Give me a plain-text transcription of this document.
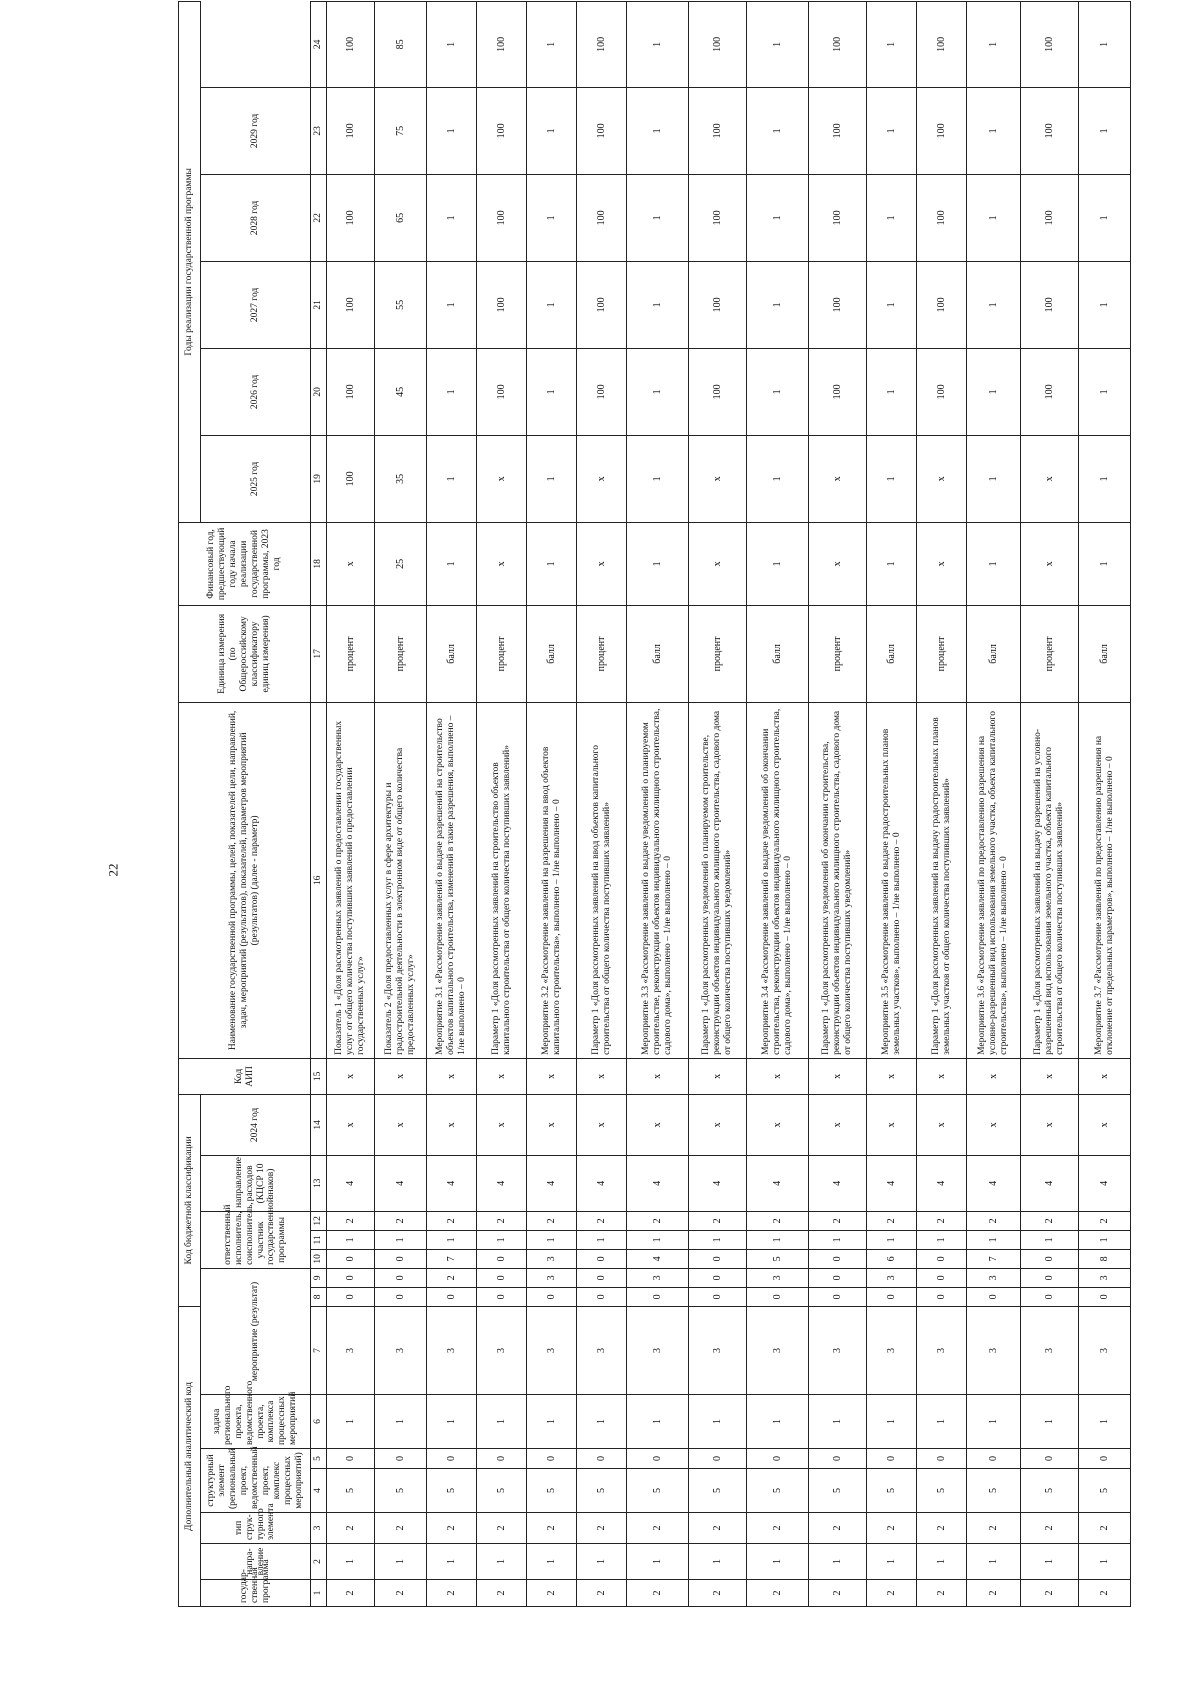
22
Дополнительный аналитический код							Код бюджетной классификации							Код АИП	Наименование государственной программы, целей, показателей цели, направлений, задач, мероприятий (результатов), показателей, параметров мероприятий (результатов) (далее - параметр)	Единица измерения (по Общероссийскому классификатору единиц измерения)	Финансовый год, предшествующий году начала реализации государственной программы, 2023 год	Годы реализации государственной программы					
государ-ственная программа	напра-вление	тип струк-турного элемента	структурный элемент (региональный проект, ведомственный проект, комплекс процессных мероприятий)		задача регионального проекта, ведомственного проекта, комплекса процессных мероприятий	мероприятие (результат)			ответственный исполнитель, соисполнитель, участник государственной программы			направление расходов (КЦСР 10 знаков)	2024 год					2025 год	2026 год	2027 год	2028 год	2029 год	

1	2	3	4	5	6	7	8	9	10	11	12	13	14	15	16	17	18	19	20	21	22	23	24
2	1	2	5	0	1	3	0	0	0	1	2	4	x	x	Показатель 1 «Доля рассмотренных заявлений о предоставлении государственных услуг от общего количества поступивших заявлений о предоставлении государственных услуг»	процент	x	100	100	100	100	100	100
2	1	2	5	0	1	3	0	0	0	1	2	4	x	x	Показатель 2 «Доля предоставленных услуг в сфере архитектуры и градостроительной деятельности в электронном виде от общего количества предоставленных услуг»	процент	25	35	45	55	65	75	85
2	1	2	5	0	1	3	0	2	7	1	2	4	x	x	Мероприятие 3.1 «Рассмотрение заявлений о выдаче разрешений на строительство объектов капитального строительства, изменений в такие разрешения, выполнено – 1/не выполнено – 0	балл	1	1	1	1	1	1	1
2	1	2	5	0	1	3	0	0	0	1	2	4	x	x	Параметр 1 «Доля рассмотренных заявлений на строительство объектов капитального строительства от общего количества поступивших заявлений»	процент	x	x	100	100	100	100	100
2	1	2	5	0	1	3	0	3	3	1	2	4	x	x	Мероприятие 3.2 «Рассмотрение заявлений на разрешения на ввод объектов капитального строительства», выполнено – 1/не выполнено – 0	балл	1	1	1	1	1	1	1
2	1	2	5	0	1	3	0	0	0	1	2	4	x	x	Параметр 1 «Доля рассмотренных заявлений на ввод объектов капитального строительства от общего количества поступивших заявлений»	процент	x	x	100	100	100	100	100
2	1	2	5	0	1	3	0	3	4	1	2	4	x	x	Мероприятие 3.3 «Рассмотрение заявлений о выдаче уведомлений о планируемом строительстве, реконструкции объектов индивидуального жилищного строительства, садового дома», выполнено – 1/не выполнено – 0	балл	1	1	1	1	1	1	1
2	1	2	5	0	1	3	0	0	0	1	2	4	x	x	Параметр 1 «Доля рассмотренных уведомлений о планируемом строительстве, реконструкции объектов индивидуального жилищного строительства, садового дома от общего количества поступивших уведомлений»	процент	x	x	100	100	100	100	100
2	1	2	5	0	1	3	0	3	5	1	2	4	x	x	Мероприятие 3.4 «Рассмотрение заявлений о выдаче уведомлений об окончании строительства, реконструкции объектов индивидуального жилищного строительства, садового дома», выполнено – 1/не выполнено – 0	балл	1	1	1	1	1	1	1
2	1	2	5	0	1	3	0	0	0	1	2	4	x	x	Параметр 1 «Доля рассмотренных уведомлений об окончании строительства, реконструкции объектов индивидуального жилищного строительства, садового дома от общего количества поступивших уведомлений»	процент	x	x	100	100	100	100	100
2	1	2	5	0	1	3	0	3	6	1	2	4	x	x	Мероприятие 3.5 «Рассмотрение заявлений о выдаче градостроительных планов земельных участков», выполнено – 1/не выполнено – 0	балл	1	1	1	1	1	1	1
2	1	2	5	0	1	3	0	0	0	1	2	4	x	x	Параметр 1 «Доля рассмотренных заявлений на выдачу градостроительных планов земельных участков от общего количества поступивших заявлений»	процент	x	x	100	100	100	100	100
2	1	2	5	0	1	3	0	3	7	1	2	4	x	x	Мероприятие 3.6 «Рассмотрение заявлений по предоставлению разрешения на условно-разрешенный вид использования земельного участка, объекта капитального строительства», выполнено – 1/не выполнено – 0	балл	1	1	1	1	1	1	1
2	1	2	5	0	1	3	0	0	0	1	2	4	x	x	Параметр 1 «Доля рассмотренных заявлений на выдачу разрешений на условно-разрешенный вид использования земельного участка, объекта капитального строительства от общего количества поступивших заявлений»	процент	x	x	100	100	100	100	100
2	1	2	5	0	1	3	0	3	8	1	2	4	x	x	Мероприятие 3.7 «Рассмотрение заявлений по предоставлению разрешения на отклонение от предельных параметров», выполнено – 1/не выполнено – 0	балл	1	1	1	1	1	1	1
